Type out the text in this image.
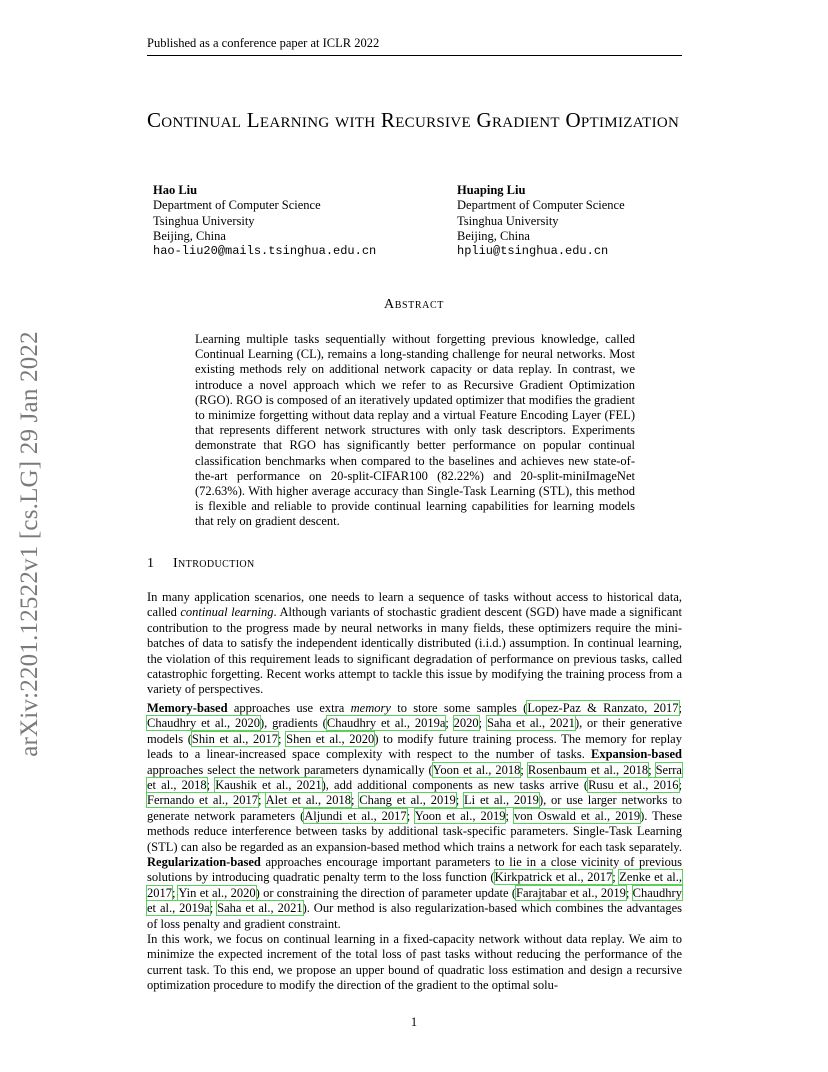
Published as a conference paper at ICLR 2022
Continual Learning with Recursive Gradient Optimization
Hao Liu
Department of Computer Science
Tsinghua University
Beijing, China
hao-liu20@mails.tsinghua.edu.cn
Huaping Liu
Department of Computer Science
Tsinghua University
Beijing, China
hpliu@tsinghua.edu.cn
arXiv:2201.12522v1 [cs.LG] 29 Jan 2022
Abstract

Learning multiple tasks sequentially without forgetting previous knowledge, called Continual Learning (CL), remains a long-standing challenge for neural networks. Most existing methods rely on additional network capacity or data replay. In contrast, we introduce a novel approach which we refer to as Recursive Gradient Optimization (RGO). RGO is composed of an iteratively updated optimizer that modifies the gradient to minimize forgetting without data replay and a virtual Feature Encoding Layer (FEL) that represents different network structures with only task descriptors. Experiments demonstrate that RGO has significantly better performance on popular continual classification benchmarks when compared to the baselines and achieves new state-of-the-art performance on 20-split-CIFAR100 (82.22%) and 20-split-miniImageNet (72.63%). With higher average accuracy than Single-Task Learning (STL), this method is flexible and reliable to provide continual learning capabilities for learning models that rely on gradient descent.

1 Introduction

In many application scenarios, one needs to learn a sequence of tasks without access to historical data, called continual learning. Although variants of stochastic gradient descent (SGD) have made a significant contribution to the progress made by neural networks in many fields, these optimizers require the mini-batches of data to satisfy the independent identically distributed (i.i.d.) assumption. In continual learning, the violation of this requirement leads to significant degradation of performance on previous tasks, called catastrophic forgetting. Recent works attempt to tackle this issue by modifying the training process from a variety of perspectives.

Memory-based approaches use extra memory to store some samples (Lopez-Paz & Ranzato, 2017; Chaudhry et al., 2020), gradients (Chaudhry et al., 2019a; 2020; Saha et al., 2021), or their generative models (Shin et al., 2017; Shen et al., 2020) to modify future training process. The memory for replay leads to a linear-increased space complexity with respect to the number of tasks. Expansion-based approaches select the network parameters dynamically (Yoon et al., 2018; Rosenbaum et al., 2018; Serra et al., 2018; Kaushik et al., 2021), add additional components as new tasks arrive (Rusu et al., 2016; Fernando et al., 2017; Alet et al., 2018; Chang et al., 2019; Li et al., 2019), or use larger networks to generate network parameters (Aljundi et al., 2017; Yoon et al., 2019; von Oswald et al., 2019). These methods reduce interference between tasks by additional task-specific parameters. Single-Task Learning (STL) can also be regarded as an expansion-based method which trains a network for each task separately. Regularization-based approaches encourage important parameters to lie in a close vicinity of previous solutions by introducing quadratic penalty term to the loss function (Kirkpatrick et al., 2017; Zenke et al., 2017; Yin et al., 2020) or constraining the direction of parameter update (Farajtabar et al., 2019; Chaudhry et al., 2019a; Saha et al., 2021). Our method is also regularization-based which combines the advantages of loss penalty and gradient constraint.

In this work, we focus on continual learning in a fixed-capacity network without data replay. We aim to minimize the expected increment of the total loss of past tasks without reducing the performance of the current task. To this end, we propose an upper bound of quadratic loss estimation and design a recursive optimization procedure to modify the direction of the gradient to the optimal solu-

1
